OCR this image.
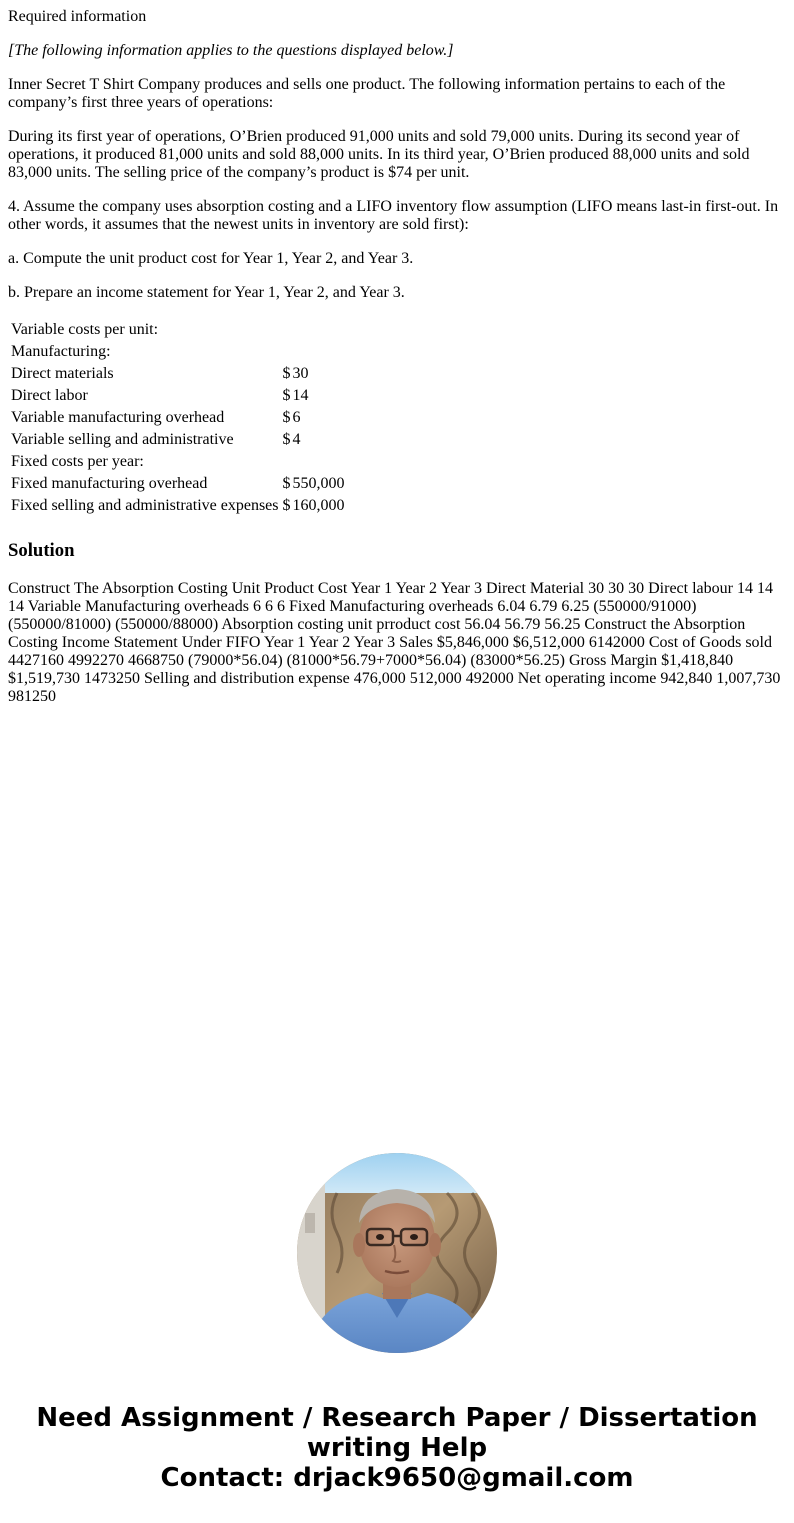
Required information

[The following information applies to the questions displayed below.]

Inner Secret T Shirt Company produces and sells one product. The following information pertains to each of the company’s first three years of operations:

During its first year of operations, O’Brien produced 91,000 units and sold 79,000 units. During its second year of operations, it produced 81,000 units and sold 88,000 units. In its third year, O’Brien produced 88,000 units and sold 83,000 units. The selling price of the company’s product is $74 per unit.

4. Assume the company uses absorption costing and a LIFO inventory flow assumption (LIFO means last-in first-out. In other words, it assumes that the newest units in inventory are sold first):

a. Compute the unit product cost for Year 1, Year 2, and Year 3.

b. Prepare an income statement for Year 1, Year 2, and Year 3.

Variable costs per unit:		
Manufacturing:		
Direct materials	$	30
Direct labor	$	14
Variable manufacturing overhead	$	6
Variable selling and administrative	$	4
Fixed costs per year:		
Fixed manufacturing overhead	$	550,000
Fixed selling and administrative expenses	$	160,000
Solution

Construct The Absorption Costing Unit Product Cost Year 1 Year 2 Year 3 Direct Material 30 30 30 Direct labour 14 14 14 Variable Manufacturing overheads 6 6 6 Fixed Manufacturing overheads 6.04 6.79 6.25 (550000/91000) (550000/81000) (550000/88000) Absorption costing unit prroduct cost 56.04 56.79 56.25 Construct the Absorption Costing Income Statement Under FIFO Year 1 Year 2 Year 3 Sales $5,846,000 $6,512,000 6142000 Cost of Goods sold 4427160 4992270 4668750 (79000*56.04) (81000*56.79+7000*56.04) (83000*56.25) Gross Margin $1,418,840 $1,519,730 1473250 Selling and distribution expense 476,000 512,000 492000 Net operating income 942,840 1,007,730 981250

Need Assignment / Research Paper / Dissertation
writing Help
Contact: drjack9650@gmail.com
